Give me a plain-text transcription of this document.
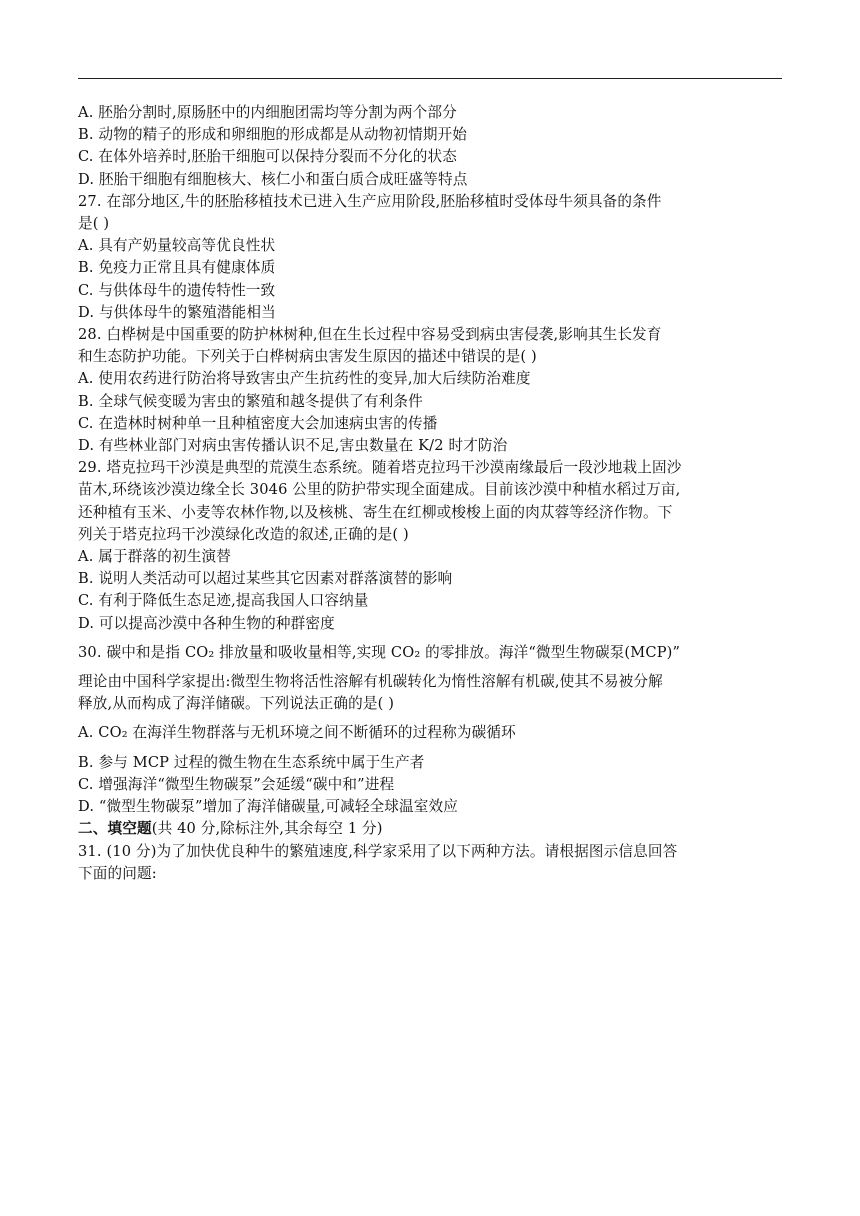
A. 胚胎分割时,原肠胚中的内细胞团需均等分割为两个部分
B. 动物的精子的形成和卵细胞的形成都是从动物初情期开始
C. 在体外培养时,胚胎干细胞可以保持分裂而不分化的状态
D. 胚胎干细胞有细胞核大、核仁小和蛋白质合成旺盛等特点
27. 在部分地区,牛的胚胎移植技术已进入生产应用阶段,胚胎移植时受体母牛须具备的条件
是( )
A. 具有产奶量较高等优良性状
B. 免疫力正常且具有健康体质
C. 与供体母牛的遗传特性一致
D. 与供体母牛的繁殖潜能相当
28. 白桦树是中国重要的防护林树种,但在生长过程中容易受到病虫害侵袭,影响其生长发育
和生态防护功能。下列关于白桦树病虫害发生原因的描述中错误的是( )
A. 使用农药进行防治将导致害虫产生抗药性的变异,加大后续防治难度
B. 全球气候变暖为害虫的繁殖和越冬提供了有利条件
C. 在造林时树种单一且种植密度大会加速病虫害的传播
D. 有些林业部门对病虫害传播认识不足,害虫数量在 K/2 时才防治
29. 塔克拉玛干沙漠是典型的荒漠生态系统。随着塔克拉玛干沙漠南缘最后一段沙地栽上固沙
苗木,环绕该沙漠边缘全长 3046 公里的防护带实现全面建成。目前该沙漠中种植水稻过万亩,
还种植有玉米、小麦等农林作物,以及核桃、寄生在红柳或梭梭上面的肉苁蓉等经济作物。下
列关于塔克拉玛干沙漠绿化改造的叙述,正确的是( )
A. 属于群落的初生演替
B. 说明人类活动可以超过某些其它因素对群落演替的影响
C. 有利于降低生态足迹,提高我国人口容纳量
D. 可以提高沙漠中各种生物的种群密度
30. 碳中和是指 CO₂ 排放量和吸收量相等,实现 CO₂ 的零排放。海洋“微型生物碳泵(MCP)”
理论由中国科学家提出:微型生物将活性溶解有机碳转化为惰性溶解有机碳,使其不易被分解
释放,从而构成了海洋储碳。下列说法正确的是( )
A. CO₂ 在海洋生物群落与无机环境之间不断循环的过程称为碳循环
B. 参与 MCP 过程的微生物在生态系统中属于生产者
C. 增强海洋“微型生物碳泵”会延缓“碳中和”进程
D. “微型生物碳泵”增加了海洋储碳量,可减轻全球温室效应
二、填空题(共 40 分,除标注外,其余每空 1 分)
31. (10 分)为了加快优良种牛的繁殖速度,科学家采用了以下两种方法。请根据图示信息回答
下面的问题:
